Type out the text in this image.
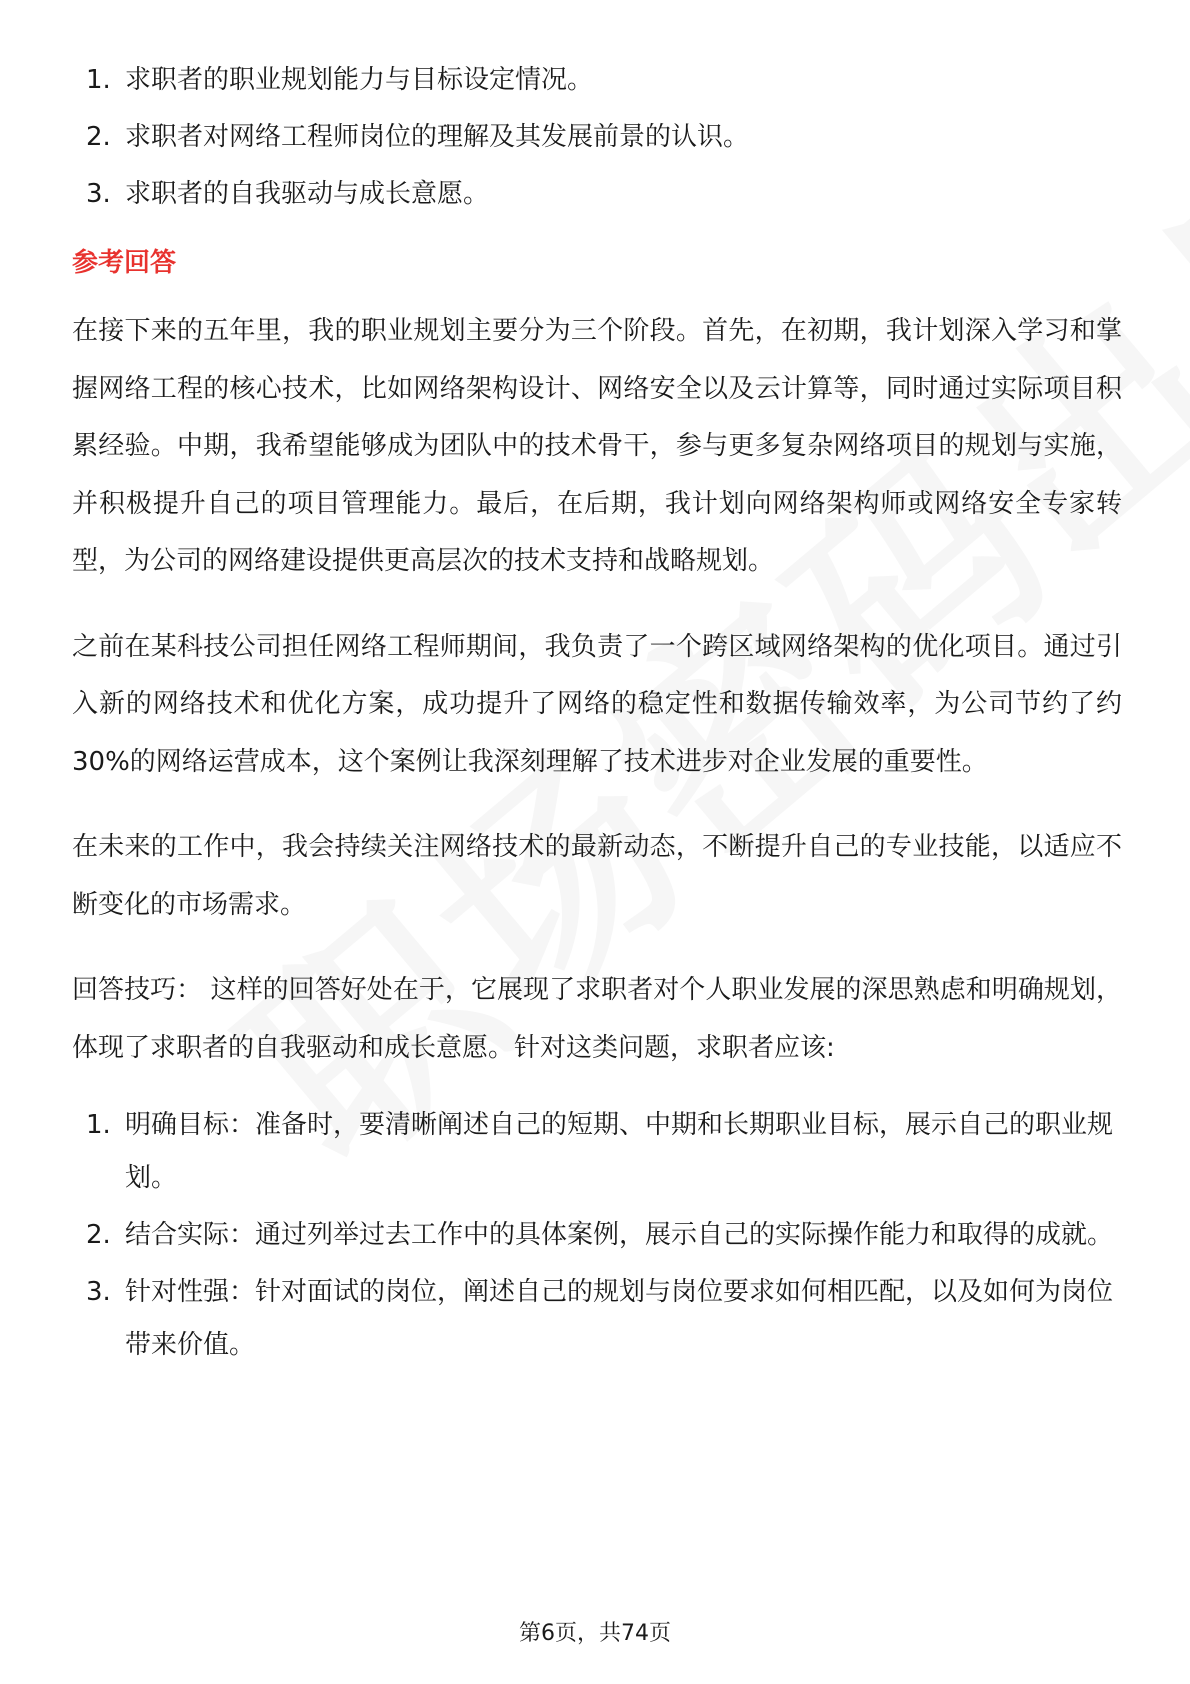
1. 求职者的职业规划能力与目标设定情况。
2. 求职者对网络工程师岗位的理解及其发展前景的认识。
3. 求职者的自我驱动与成长意愿。
参考回答

在接下来的五年里，我的职业规划主要分为三个阶段。首先，在初期，我计划深入学习和掌握网络工程的核心技术，比如网络架构设计、网络安全以及云计算等，同时通过实际项目积累经验。中期，我希望能够成为团队中的技术骨干，参与更多复杂网络项目的规划与实施，并积极提升自己的项目管理能力。最后，在后期，我计划向网络架构师或网络安全专家转型，为公司的网络建设提供更高层次的技术支持和战略规划。

之前在某科技公司担任网络工程师期间，我负责了一个跨区域网络架构的优化项目。通过引入新的网络技术和优化方案，成功提升了网络的稳定性和数据传输效率，为公司节约了约30%的网络运营成本，这个案例让我深刻理解了技术进步对企业发展的重要性。

在未来的工作中，我会持续关注网络技术的最新动态，不断提升自己的专业技能，以适应不断变化的市场需求。

回答技巧： 这样的回答好处在于，它展现了求职者对个人职业发展的深思熟虑和明确规划，体现了求职者的自我驱动和成长意愿。针对这类问题，求职者应该:

1. 明确目标：准备时，要清晰阐述自己的短期、中期和长期职业目标，展示自己的职业规划。
2. 结合实际：通过列举过去工作中的具体案例，展示自己的实际操作能力和取得的成就。
3. 针对性强：针对面试的岗位，阐述自己的规划与岗位要求如何相匹配，以及如何为岗位带来价值。
第6页，共74页
